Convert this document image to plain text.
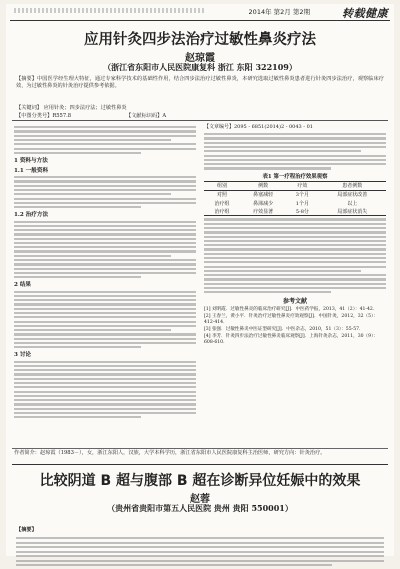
2014年 第2月 第2期	转载健康
应用针灸四步法治疗过敏性鼻炎疗法
赵琼霞
（浙江省东阳市人民医院康复科 浙江 东阳 322109）
【摘要】中国医学经生理大特征，通过专家科学技术的基础性作用，结合四步法治疗过敏性鼻炎，本研究选取过敏性鼻炎患者进行针灸四步法治疗，观察临床疗效，为过敏性鼻炎的针灸治疗提供参考依据。
【关键词】 应用针灸；四步法疗法；过敏性鼻炎
【中图分类号】R557.8	【文献标识码】A
1 资料与方法
1.1 一般资料
1.2 治疗方法
2 结果
3 讨论
【文章编号】2095 - 6851(2014)2 - 0043 - 01
表1 第一疗程治疗效果观察
组别	例数	疗效	患者例数
对照	鼻塞减轻	3个月	局部症状改善
治疗组	鼻涕减少	1个月	以上
治疗组	疗效显著	5-8分	局部症状消失
参考文献
[1] 刘明霞．过敏性鼻炎的临床治疗研究[J]．中医药学报，2013，41（2）：41-42．
[2] 王春兰，黄小平．针灸治疗过敏性鼻炎疗效观察[J]．中国针灸，2012，32（5）：412-414．
[3] 张强．过敏性鼻炎中医证型研究[J]．中医杂志，2010，51（3）：55-57．
[4] 李芳．针灸四步法治疗过敏性鼻炎临床观察[J]．上海针灸杂志，2011，30（9）：608-610．
作者简介：赵琼霞（1983－），女，浙江东阳人，汉族，大学本科学历，浙江省东阳市人民医院康复科主治医师，研究方向：针灸治疗。
比较阴道 B 超与腹部 B 超在诊断异位妊娠中的效果
赵蓉
（贵州省贵阳市第五人民医院 贵州 贵阳 550001）
【摘要】
